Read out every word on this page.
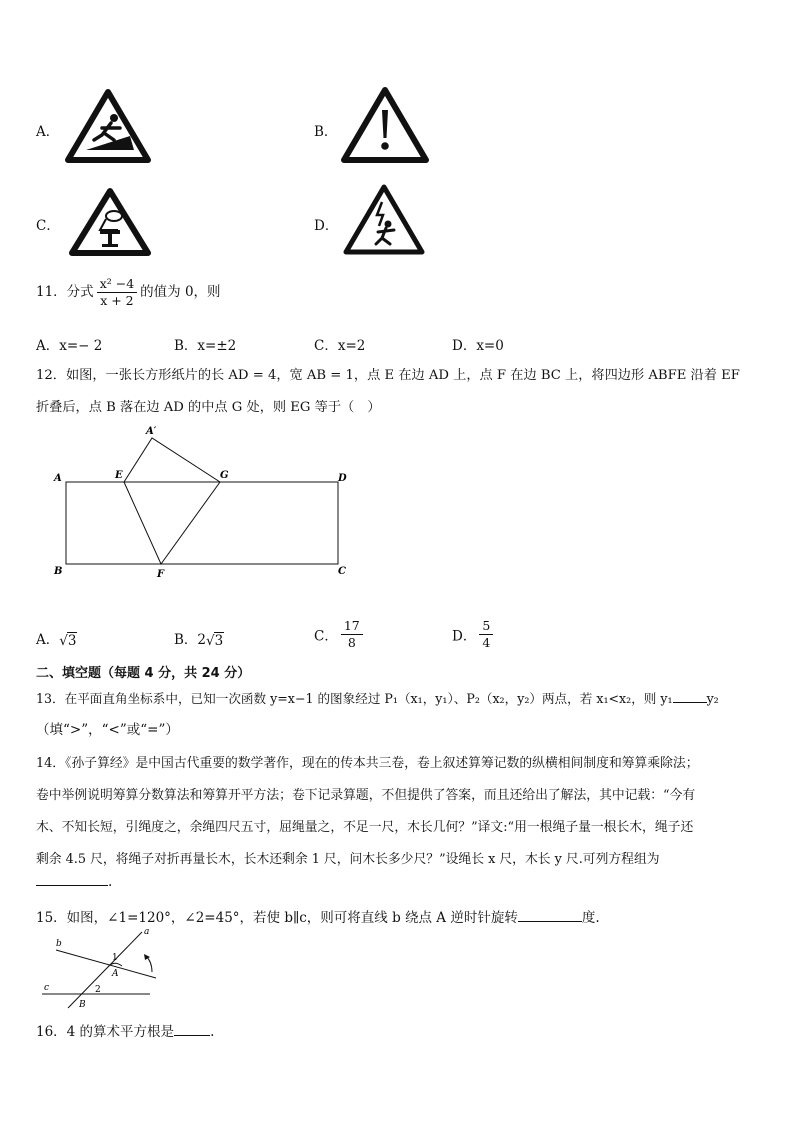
A．	B．
C．	D．
11．分式 $\frac{\text{x² −4}}{x + 2}$ 的值为 0，则
A．x=− 2	B．x=±2	C．x=2	D．x=0
12．如图，一张长方形纸片的长 AD = 4，宽 AB = 1，点 E 在边 AD 上，点 F 在边 BC 上，将四边形 ABFE 沿着 EF
折叠后，点 B 落在边 AD 的中点 G 处，则 EG 等于（　）
A′
A	E	G	D
B	F	C
A．√3	B．2√3	C． $\frac{17}{8}$	D． $\frac{5}{4}$
二、填空题（每题 4 分，共 24 分）
13．在平面直角坐标系中，已知一次函数 y=x−1 的图象经过 P₁（x₁，y₁）、P₂（x₂，y₂）两点，若 x₁<x₂，则 y₁	y₂
（填“>”，“<”或“=”）
14．《孙子算经》是中国古代重要的数学著作，现在的传本共三卷，卷上叙述算筹记数的纵横相间制度和筹算乘除法；
卷中举例说明筹算分数算法和筹算开平方法；卷下记录算题，不但提供了答案，而且还给出了解法，其中记载：“今有
木、不知长短，引绳度之，余绳四尺五寸，屈绳量之，不足一尺，木长几何？”译文:“用一根绳子量一根长木，绳子还
剩余 4.5 尺，将绳子对折再量长木，长木还剩余 1 尺，问木长多少尺？”设绳长 x 尺，木长 y 尺.可列方程组为
.
15．如图，∠1=120°，∠2=45°，若使 b∥c，则可将直线 b 绕点 A 逆时针旋转	度.
b
a
c
1
A
2
B
16．4 的算术平方根是	.
